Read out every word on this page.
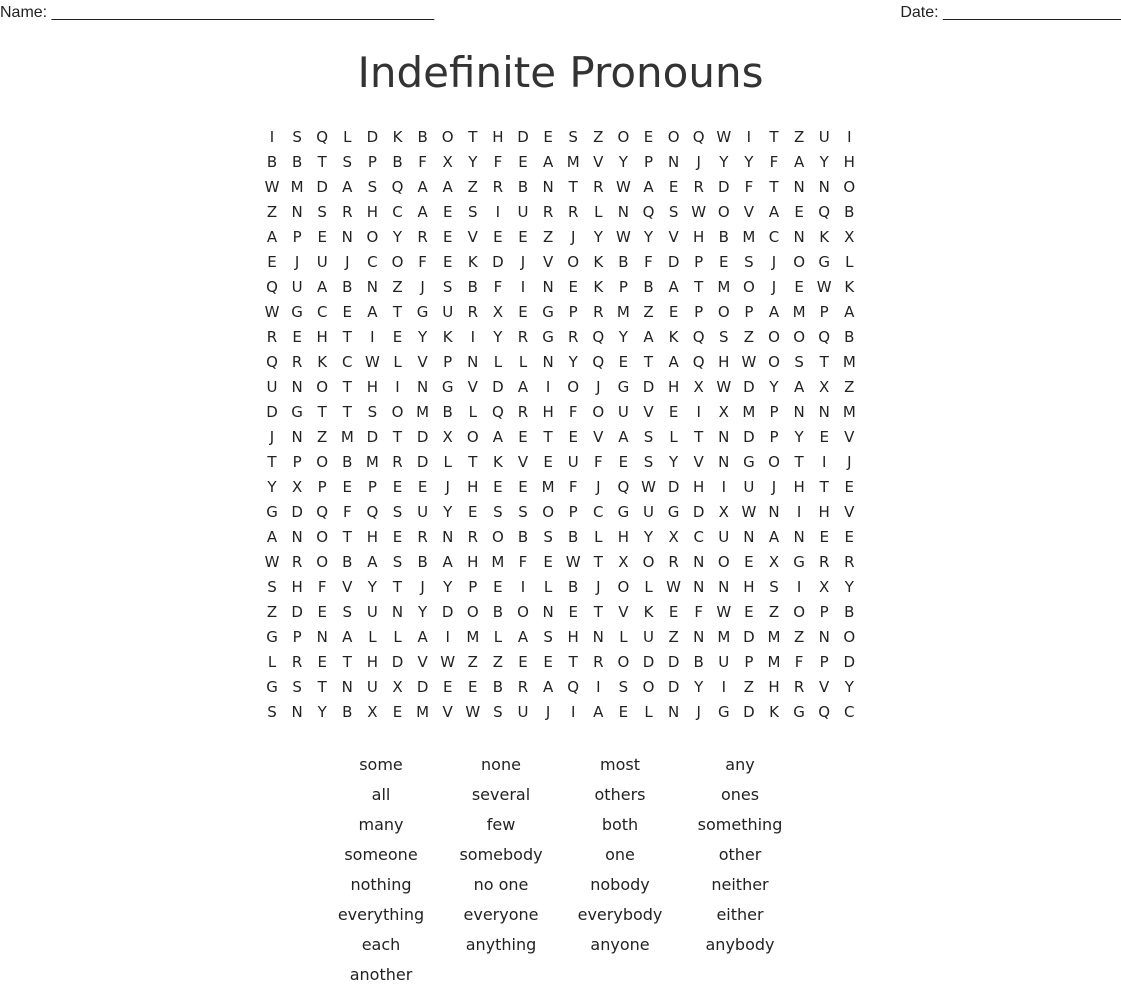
Name: ___________________________________________	Date: ____________________
Indefinite Pronouns
I	S Q	L	D K	B O T H D E	S	Z O E O Q W	I	T	Z U	I
B B	T	S	P	B	F	X	Y	F	E	A M V	Y	P N	J	Y	Y	F	A	Y H
W M D A	S Q A A Z R B N T	R W A	E	R D F	T N N O
Z N S	R H C A	E	S	I	U R R	L	N Q S W O V A	E Q B
A	P	E N O Y	R	E	V	E	E	Z	J	Y W Y	V H B M C N K	X
E	J	U	J	C O F	E	K D	J	V O K	B	F	D P	E	S	J	O G	L
Q U A B N Z	J	S	B	F	I	N E	K	P	B A	T M O	J	E W K
W G C	E	A	T G U R X	E G P	R M Z	E	P O P	A M P	A
R	E H T	I	E	Y	K	I	Y	R G R Q Y	A	K Q S	Z O O Q B
Q R K C W L	V	P N	L	L	N Y Q E	T	A Q H W O S	T M
U N O T H	I	N G V D A	I	O	J	G D H X W D Y	A X Z
D G T	T	S O M B	L	Q R H	F O U V	E	I	X M P N N M
J	N Z M D T D X O A	E	T	E	V A	S	L	T N D P	Y	E	V
T	P O B M R D	L	T	K	V	E U	F	E	S	Y	V N G O T	I	J
Y	X	P	E	P	E	E	J	H E	E M F	J	Q W D H	I	U	J	H T	E
G D Q F Q S U	Y	E	S	S O P	C G U G D X W N	I	H V
A N O T H E	R N R O B	S	B	L	H Y	X C U N A N E	E
W R O B A	S	B A H M F	E W T	X O R N O E	X G R R
S H	F	V	Y	T	J	Y	P	E	I	L	B	J	O	L W N N H S	I	X	Y
Z D E	S U N Y D O B O N E	T	V	K	E	F W E	Z O P	B
G P N A	L	L	A	I	M L	A	S H N	L	U Z N M D M Z N O
L	R	E	T H D V W Z Z	E	E	T	R O D D B U	P M F	P D
G S	T N U X D E	E	B R A Q	I	S O D Y	I	Z H R V	Y
S N Y	B X	E M V W S U	J	I	A	E	L	N	J	G D K G Q C
some	none	most	any
all	several	others	ones
many	few	both	something
someone	somebody	one	other
nothing	no one	nobody	neither
everything	everyone	everybody	either
each	anything	anyone	anybody
another
